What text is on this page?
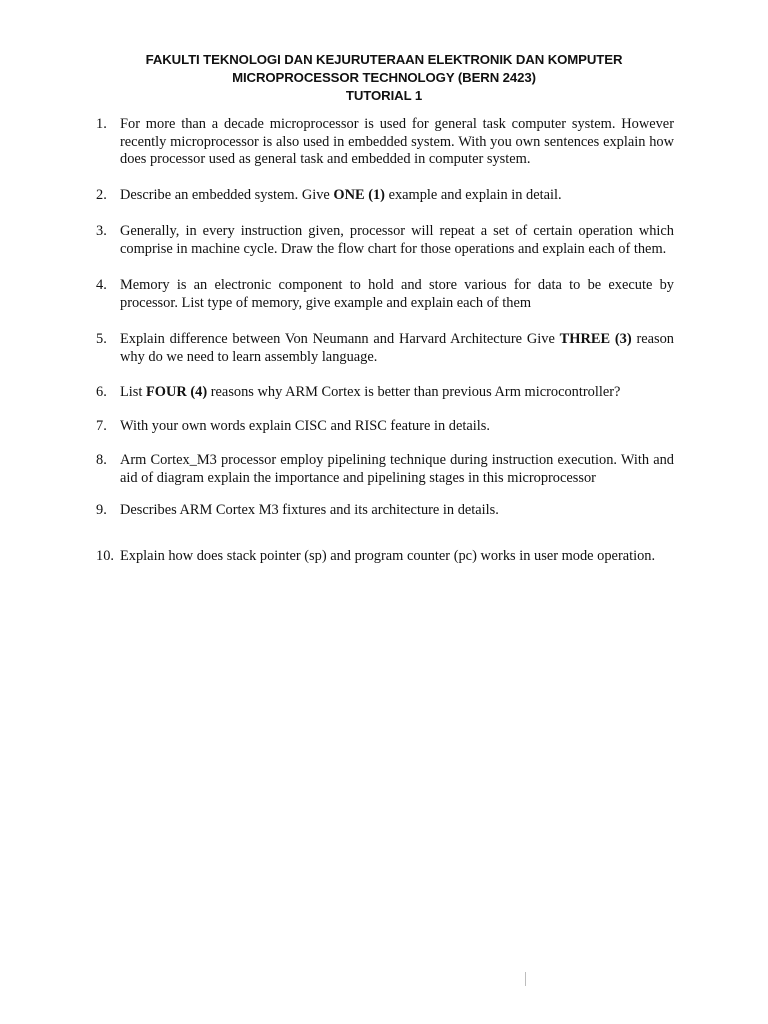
FAKULTI TEKNOLOGI DAN KEJURUTERAAN ELEKTRONIK DAN KOMPUTER
MICROPROCESSOR TECHNOLOGY (BERN 2423)
TUTORIAL 1
1. For more than a decade microprocessor is used for general task computer system. However recently microprocessor is also used in embedded system. With you own sentences explain how does processor used as general task and embedded in computer system.
2. Describe an embedded system. Give ONE (1) example and explain in detail.
3. Generally, in every instruction given, processor will repeat a set of certain operation which comprise in machine cycle. Draw the flow chart for those operations and explain each of them.
4. Memory is an electronic component to hold and store various for data to be execute by processor. List type of memory, give example and explain each of them
5. Explain difference between Von Neumann and Harvard Architecture Give THREE (3) reason why do we need to learn assembly language.
6. List FOUR (4) reasons why ARM Cortex is better than previous Arm microcontroller?
7. With your own words explain CISC and RISC feature in details.
8. Arm Cortex_M3 processor employ pipelining technique during instruction execution. With and aid of diagram explain the importance and pipelining stages in this microprocessor
9. Describes ARM Cortex M3 fixtures and its architecture in details.
10. Explain how does stack pointer (sp) and program counter (pc) works in user mode operation.
